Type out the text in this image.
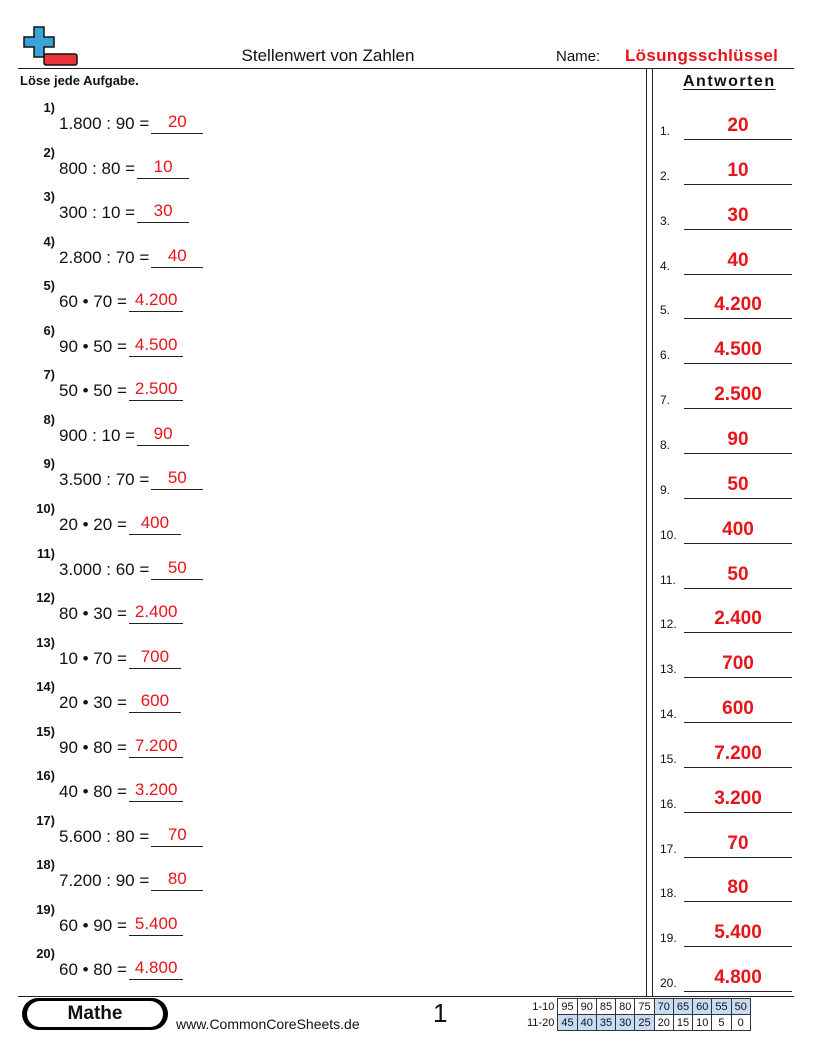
Stellenwert von Zahlen	Name: Lösungsschlüssel
Löse jede Aufgabe.	Antworten
1)
1.800 : 90 =	20
2)
800 : 80 =	10
3)
300 : 10 =	30
4)
2.800 : 70 =	40
5)
60 • 70 = 4.200
6)
90 • 50 = 4.500
7)
50 • 50 = 2.500
8)
900 : 10 =	90
9)
3.500 : 70 =	50
10)
20 • 20 = 400
11)
3.000 : 60 =	50
12)
80 • 30 = 2.400
13)
10 • 70 = 700
14)
20 • 30 = 600
15)
90 • 80 = 7.200
16)
40 • 80 = 3.200
17)
5.600 : 80 =	70
18)
7.200 : 90 =	80
19)
60 • 90 = 5.400
20)
60 • 80 = 4.800
1.	20
2.	10
3.	30
4.	40
5.	4.200
6.	4.500
7.	2.500
8.	90
9.	50
10.	400
11.	50
12.	2.400
13.	700
14.	600
15.	7.200
16.	3.200
17.	70
18.	80
19.	5.400
20.	4.800
Mathe	www.CommonCoreSheets.de	1	1-10	95	90	85	80	75	70	65	60	55	50
11-20	45	40	35	30	25	20	15	10	5	0
